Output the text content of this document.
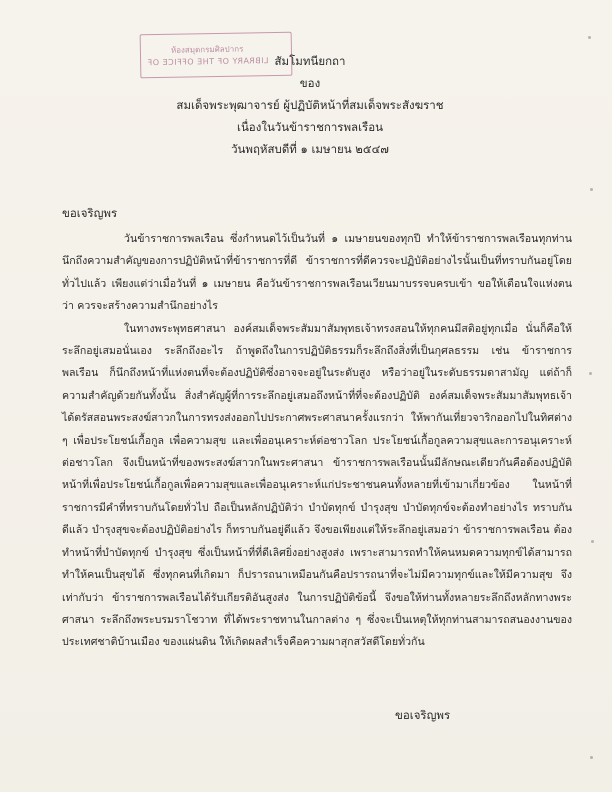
ห้องสมุดกรมศิลปากร
LIBRARY OF THE OFFICE OF สัมโมทนียกถา
ของ
สมเด็จพระพุฒาจารย์ ผู้ปฏิบัติหน้าที่สมเด็จพระสังฆราช
เนื่องในวันข้าราชการพลเรือน
วันพฤหัสบดีที่ ๑ เมษายน ๒๕๔๗
ขอเจริญพร

วันข้าราชการพลเรือน ซึ่งกำหนดไว้เป็นวันที่ ๑ เมษายนของทุกปี ทำให้ข้าราชการพลเรือนทุกท่านนึกถึงความสำคัญของการปฏิบัติหน้าที่ข้าราชการที่ดี ข้าราชการที่ดีควรจะปฏิบัติอย่างไรนั้นเป็นที่ทราบกันอยู่โดยทั่วไปแล้ว เพียงแต่ว่าเมื่อวันที่ ๑ เมษายน คือวันข้าราชการพลเรือนเวียนมาบรรจบครบเข้า ขอให้เตือนใจแห่งตนว่า ควรจะสร้างความสำนึกอย่างไร

ในทางพระพุทธศาสนา องค์สมเด็จพระสัมมาสัมพุทธเจ้าทรงสอนให้ทุกคนมีสติอยู่ทุกเมื่อ นั่นก็คือให้ระลึกอยู่เสมอนั่นเอง ระลึกถึงอะไร ถ้าพูดถึงในการปฏิบัติธรรมก็ระลึกถึงสิ่งที่เป็นกุศลธรรม เช่น ข้าราชการพลเรือน ก็นึกถึงหน้าที่แห่งตนที่จะต้องปฏิบัติซึ่งอาจจะอยู่ในระดับสูง หรือว่าอยู่ในระดับธรรมดาสามัญ แต่ถ้าก็ความสำคัญด้วยกันทั้งนั้น สิ่งสำคัญผู้ที่การระลึกอยู่เสมอถึงหน้าที่ที่จะต้องปฏิบัติ องค์สมเด็จพระสัมมาสัมพุทธเจ้า ได้ตรัสสอนพระสงฆ์สาวกในการทรงส่งออกไปประกาศพระศาสนาครั้งแรกว่า ให้พากันเที่ยวจาริกออกไปในทิศต่าง ๆ เพื่อประโยชน์เกื้อกูล เพื่อความสุข และเพื่ออนุเคราะห์ต่อชาวโลก ประโยชน์เกื้อกูลความสุขและการอนุเคราะห์ต่อชาวโลก จึงเป็นหน้าที่ของพระสงฆ์สาวกในพระศาสนา ข้าราชการพลเรือนนั้นมีลักษณะเดียวกันคือต้องปฏิบัติหน้าที่เพื่อประโยชน์เกื้อกูลเพื่อความสุขและเพื่ออนุเคราะห์แก่ประชาชนคนทั้งหลายที่เข้ามาเกี่ยวข้อง ในหน้าที่ราชการมีคำที่ทราบกันโดยทั่วไป ถือเป็นหลักปฏิบัติว่า บำบัดทุกข์ บำรุงสุข บำบัดทุกข์จะต้องทำอย่างไร ทราบกันดีแล้ว บำรุงสุขจะต้องปฏิบัติอย่างไร ก็ทราบกันอยู่ดีแล้ว จึงขอเพียงแต่ให้ระลึกอยู่เสมอว่า ข้าราชการพลเรือน ต้องทำหน้าที่บำบัดทุกข์ บำรุงสุข ซึ่งเป็นหน้าที่ที่ดีเลิศยิ่งอย่างสูงส่ง เพราะสามารถทำให้คนหมดความทุกข์ได้สามารถทำให้คนเป็นสุขได้ ซึ่งทุกคนที่เกิดมา ก็ปรารถนาเหมือนกันคือปรารถนาที่จะไม่มีความทุกข์และให้มีความสุข จึงเท่ากับว่า ข้าราชการพลเรือนได้รับเกียรติอันสูงส่ง ในการปฏิบัติข้อนี้ จึงขอให้ท่านทั้งหลายระลึกถึงหลักทางพระศาสนา ระลึกถึงพระบรมราโชวาท ที่ได้พระราชทานในกาลต่าง ๆ ซึ่งจะเป็นเหตุให้ทุกท่านสามารถสนองงานของประเทศชาติบ้านเมือง ของแผ่นดิน ให้เกิดผลสำเร็จคือความผาสุกสวัสดีโดยทั่วกัน

ขอเจริญพร
